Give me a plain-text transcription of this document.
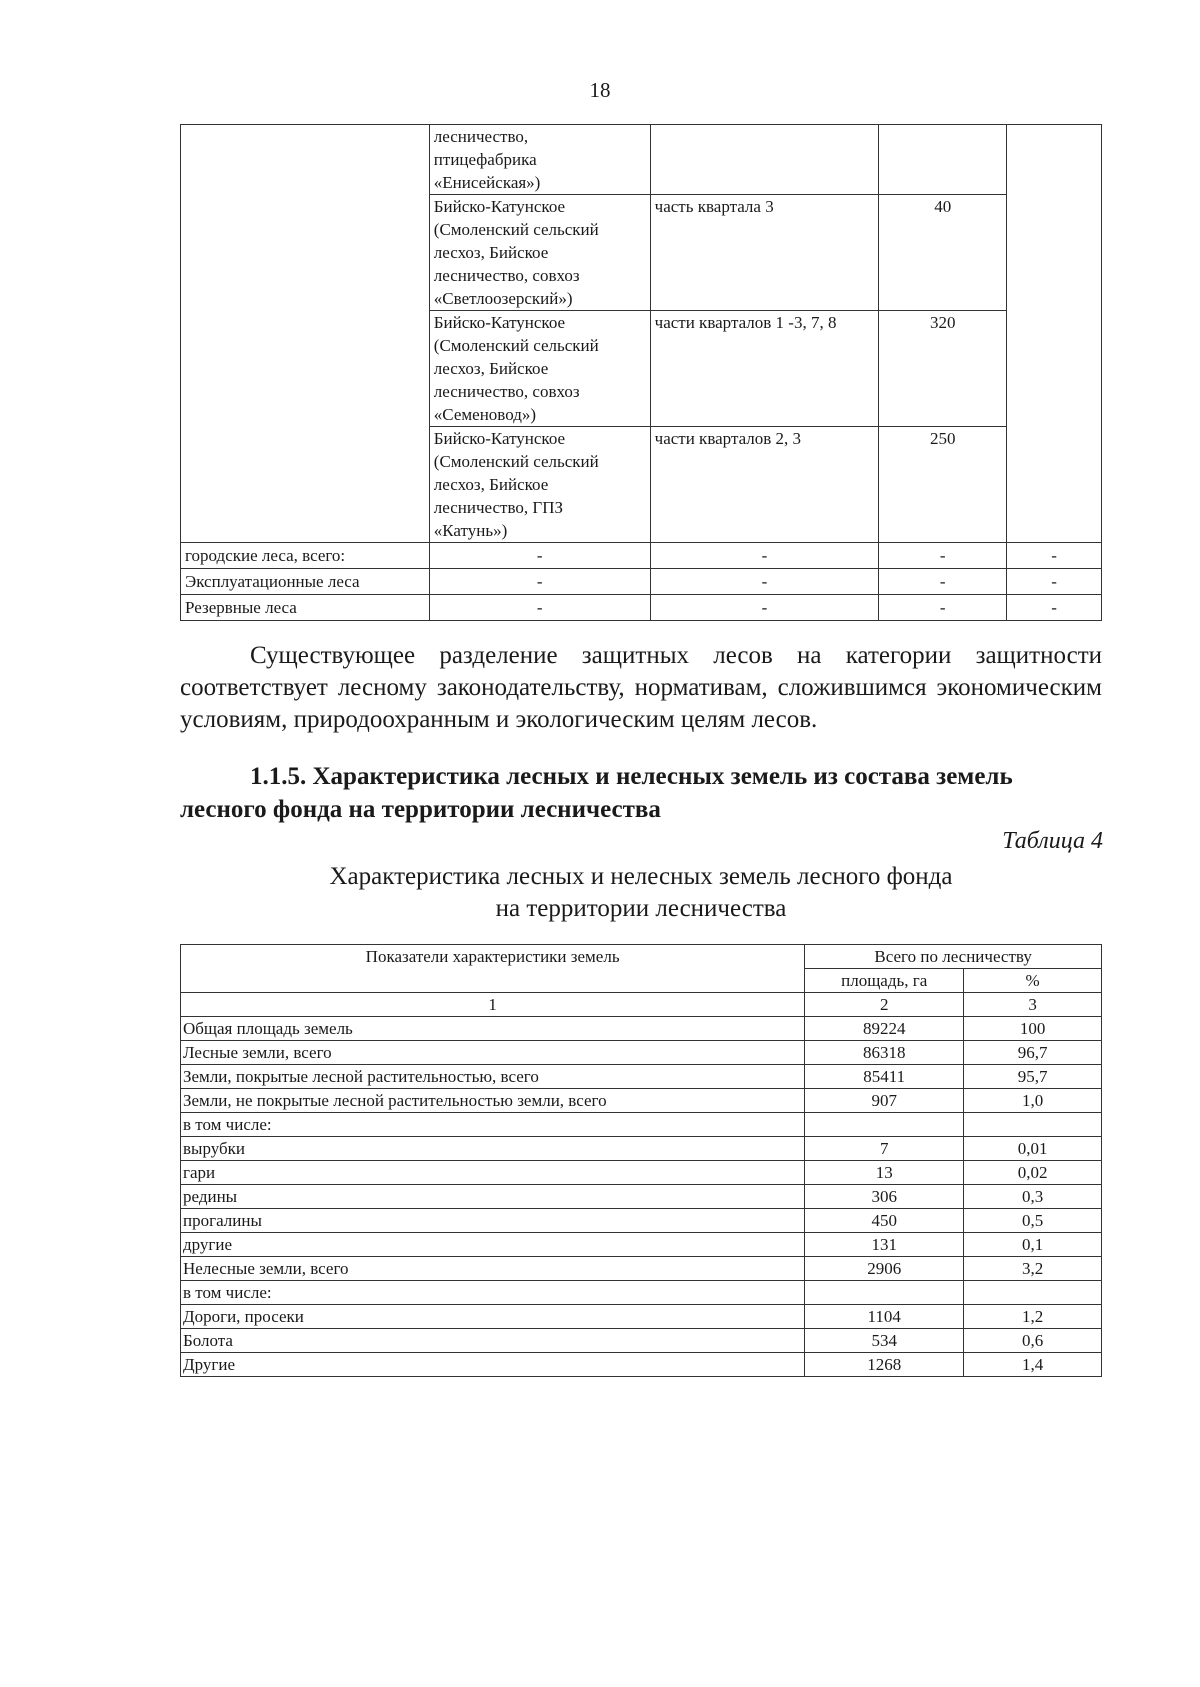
18
	лесничество,
птицефабрика
«Енисейская»)			
	Бийско-Катунское
(Смоленский сельский
лесхоз, Бийское
лесничество, совхоз
«Светлоозерский»)	часть квартала 3	40	
	Бийско-Катунское
(Смоленский сельский
лесхоз, Бийское
лесничество, совхоз
«Семеновод»)	части кварталов 1 -3, 7, 8	320	
	Бийско-Катунское
(Смоленский сельский
лесхоз, Бийское
лесничество, ГПЗ
«Катунь»)	части кварталов 2, 3	250	
городские леса, всего:	-	-	-	-
Эксплуатационные леса	-	-	-	-
Резервные леса	-	-	-	-

Существующее разделение защитных лесов на категории защитности соответствует лесному законодательству, нормативам, сложившимся экономическим условиям, природоохранным и экологическим целям лесов.

1.1.5. Характеристика лесных и нелесных земель из состава земель лесного фонда на территории лесничества

Таблица 4
Характеристика лесных и нелесных земель лесного фонда
на территории лесничества
Показатели характеристики земель	Всего по лесничеству	
	площадь, га	%
1	2	3
Общая площадь земель	89224	100
Лесные земли, всего	86318	96,7
Земли, покрытые лесной растительностью, всего	85411	95,7
Земли, не покрытые лесной растительностью земли, всего	907	1,0
в том числе:		
вырубки	7	0,01
гари	13	0,02
редины	306	0,3
прогалины	450	0,5
другие	131	0,1
Нелесные земли, всего	2906	3,2
в том числе:		
Дороги, просеки	1104	1,2
Болота	534	0,6
Другие	1268	1,4
